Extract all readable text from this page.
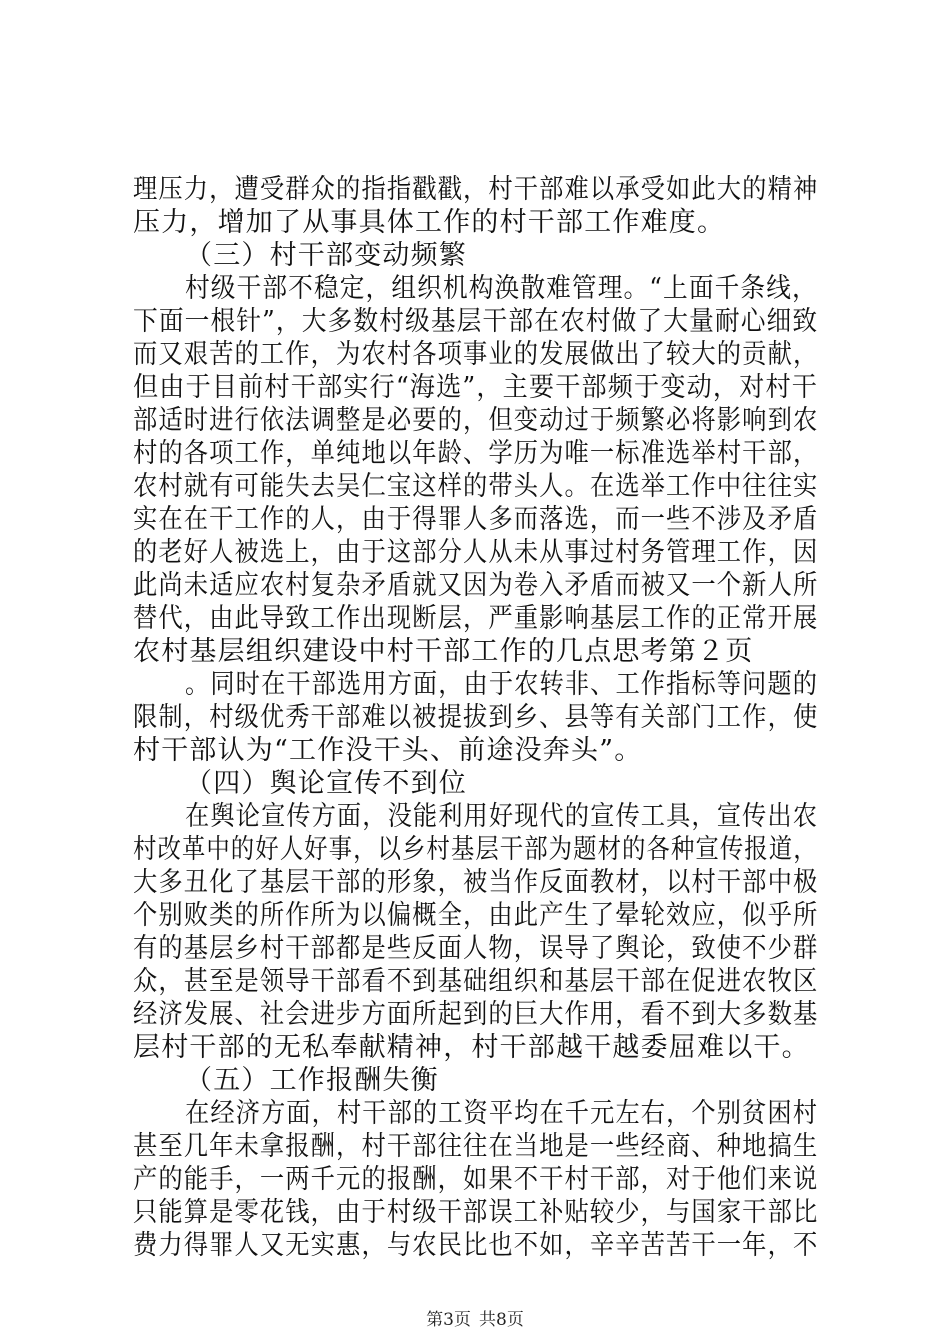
理压力，遭受群众的指指戳戳，村干部难以承受如此大的精神
压力，增加了从事具体工作的村干部工作难度。
（三）村干部变动频繁
村级干部不稳定，组织机构涣散难管理。“上面千条线，
下面一根针”，大多数村级基层干部在农村做了大量耐心细致
而又艰苦的工作，为农村各项事业的发展做出了较大的贡献，
但由于目前村干部实行“海选”，主要干部频于变动，对村干
部适时进行依法调整是必要的，但变动过于频繁必将影响到农
村的各项工作，单纯地以年龄、学历为唯一标准选举村干部，
农村就有可能失去吴仁宝这样的带头人。在选举工作中往往实
实在在干工作的人，由于得罪人多而落选，而一些不涉及矛盾
的老好人被选上，由于这部分人从未从事过村务管理工作，因
此尚未适应农村复杂矛盾就又因为卷入矛盾而被又一个新人所
替代，由此导致工作出现断层，严重影响基层工作的正常开展
农村基层组织建设中村干部工作的几点思考第２页
。同时在干部选用方面，由于农转非、工作指标等问题的
限制，村级优秀干部难以被提拔到乡、县等有关部门工作，使
村干部认为“工作没干头、前途没奔头”。
（四）舆论宣传不到位
在舆论宣传方面，没能利用好现代的宣传工具，宣传出农
村改革中的好人好事，以乡村基层干部为题材的各种宣传报道，
大多丑化了基层干部的形象，被当作反面教材，以村干部中极
个别败类的所作所为以偏概全，由此产生了晕轮效应，似乎所
有的基层乡村干部都是些反面人物，误导了舆论，致使不少群
众，甚至是领导干部看不到基础组织和基层干部在促进农牧区
经济发展、社会进步方面所起到的巨大作用，看不到大多数基
层村干部的无私奉献精神，村干部越干越委屈难以干。
（五）工作报酬失衡
在经济方面，村干部的工资平均在千元左右，个别贫困村
甚至几年未拿报酬，村干部往往在当地是一些经商、种地搞生
产的能手，一两千元的报酬，如果不干村干部，对于他们来说
只能算是零花钱，由于村级干部误工补贴较少，与国家干部比
费力得罪人又无实惠，与农民比也不如，辛辛苦苦干一年，不
第3页 共8页
